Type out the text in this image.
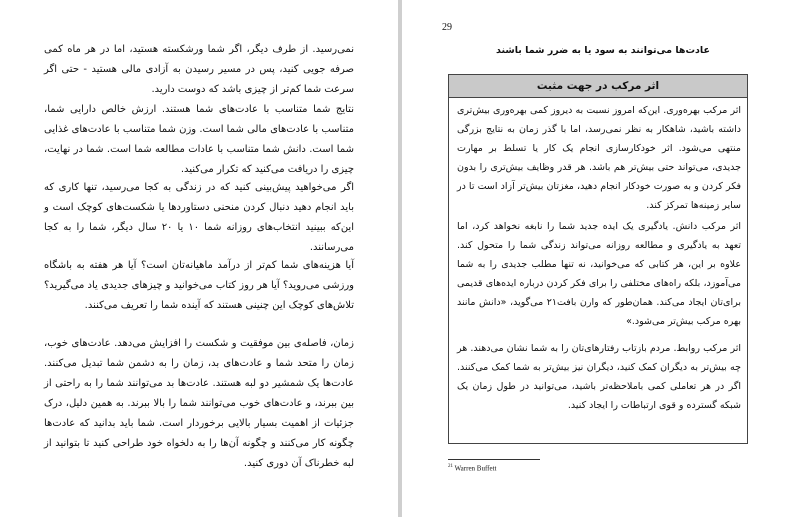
نمی‌رسید. از طرف دیگر، اگر شما ورشکسته هستید، اما در هر ماه کمی صرفه جویی کنید، پس در مسیر رسیدن به آزادی مالی هستید - حتی اگر سرعت شما کم‌تر از چیزی باشد که دوست دارید.

نتایج شما متناسب با عادت‌های شما هستند. ارزش خالص دارایی شما، متناسب با عادت‌های مالی شما است. وزن شما متناسب با عادت‌های غذایی شما است. دانش شما متناسب با عادات مطالعه شما است. شما در نهایت، چیزی را دریافت می‌کنید که تکرار می‌کنید.

اگر می‌خواهید پیش‌بینی کنید که در زندگی به کجا می‌رسید، تنها کاری که باید انجام دهید دنبال کردن منحنی دستاوردها یا شکست‌های کوچک است و این‌که ببینید انتخاب‌های روزانه شما ۱۰ یا ۲۰ سال دیگر، شما را به کجا می‌رسانند.

آیا هزینه‌های شما کم‌تر از درآمد ماهیانه‌تان است؟ آیا هر هفته به باشگاه ورزشی می‌روید؟ آیا هر روز کتاب می‌خوانید و چیزهای جدیدی یاد می‌گیرید؟ تلاش‌های کوچک این چنینی هستند که آینده شما را تعریف می‌کنند.

زمان، فاصله‌ی بین موفقیت و شکست را افزایش می‌دهد. عادت‌های خوب، زمان را متحد شما و عادت‌های بد، زمان را به دشمن شما تبدیل می‌کنند. عادت‌ها یک شمشیر دو لبه هستند. عادت‌ها بد می‌توانند شما را به راحتی از بین ببرند، و عادت‌های خوب می‌توانند شما را بالا ببرند. به همین دلیل، درک جزئیات از اهمیت بسیار بالایی برخوردار است. شما باید بدانید که عادت‌ها چگونه کار می‌کنند و چگونه آن‌ها را به دلخواه خود طراحی کنید تا بتوانید از لبه خطرناک آن دوری کنید.

29
عادت‌ها می‌توانند به سود یا به ضرر شما باشند
اثر مرکب در جهت مثبت

اثر مرکب بهره‌وری. این‌که امروز نسبت به دیروز کمی بهره‌وری بیش‌تری داشته باشید، شاهکار به نظر نمی‌رسد، اما با گذر زمان به نتایج بزرگی منتهی می‌شود. اثر خودکارسازی انجام یک کار یا تسلط بر مهارت جدیدی، می‌تواند حتی بیش‌تر هم باشد. هر قدر وظایف بیش‌تری را بدون فکر کردن و به صورت خودکار انجام دهید، مغزتان بیش‌تر آزاد است تا در سایر زمینه‌ها تمرکز کند.

اثر مرکب دانش. یادگیری یک ایده جدید شما را نابغه نخواهد کرد، اما تعهد به یادگیری و مطالعه روزانه می‌تواند زندگی شما را متحول کند. علاوه بر این، هر کتابی که می‌خوانید، نه تنها مطلب جدیدی را به شما می‌آموزد، بلکه راه‌های مختلفی را برای فکر کردن درباره ایده‌های قدیمی برای‌تان ایجاد می‌کند. همان‌طور که وارن بافت۲۱ می‌گوید، «دانش مانند بهره مرکب بیش‌تر می‌شود.»

اثر مرکب روابط. مردم بازتاب رفتارهای‌تان را به شما نشان می‌دهند. هر چه بیش‌تر به دیگران کمک کنید، دیگران نیز بیش‌تر به شما کمک می‌کنند. اگر در هر تعاملی کمی باملاحظه‌تر باشید، می‌توانید در طول زمان یک شبکه گسترده و قوی ارتباطات را ایجاد کنید.

$^{21}$ Warren Buffett
